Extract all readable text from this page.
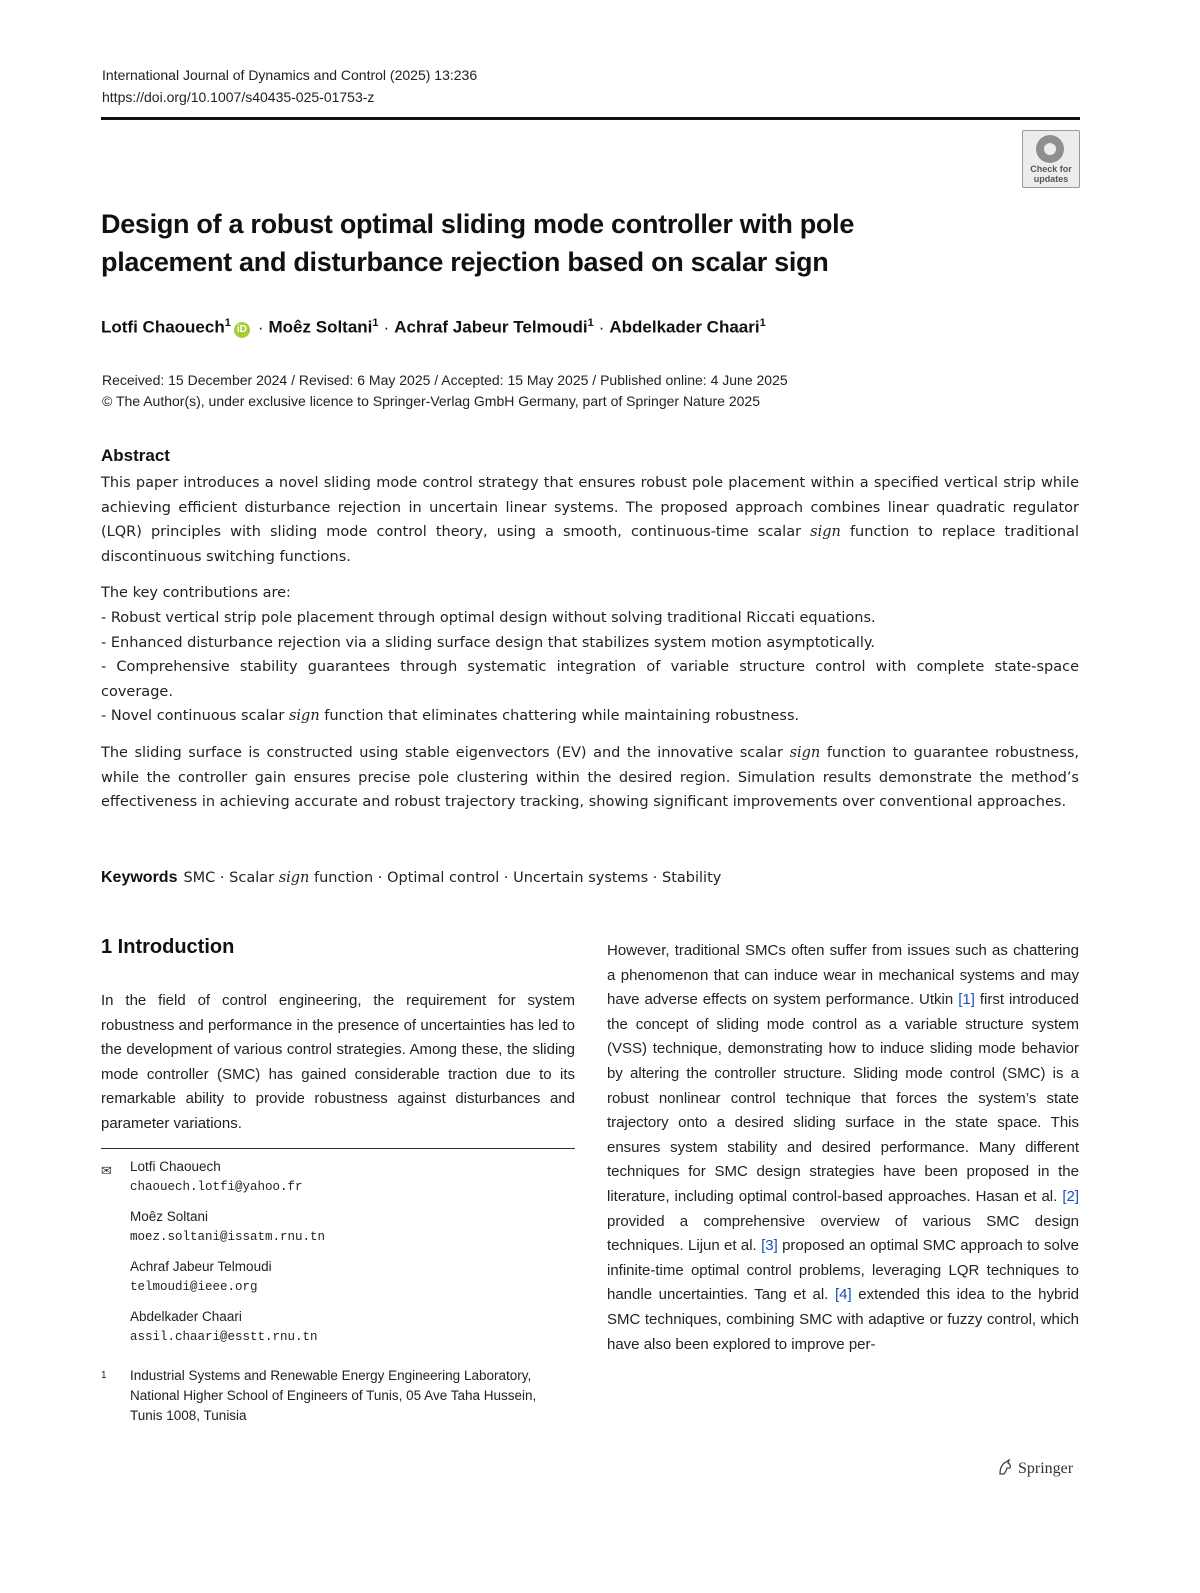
International Journal of Dynamics and Control (2025) 13:236
https://doi.org/10.1007/s40435-025-01753-z
Check for
updates
Design of a robust optimal sliding mode controller with pole placement and disturbance rejection based on scalar sign
Lotfi Chaouech$^1$iD · Moêz Soltani$^1$ · Achraf Jabeur Telmoudi$^1$ · Abdelkader Chaari$^1$
Received: 15 December 2024 / Revised: 6 May 2025 / Accepted: 15 May 2025 / Published online: 4 June 2025
© The Author(s), under exclusive licence to Springer-Verlag GmbH Germany, part of Springer Nature 2025
Abstract

This paper introduces a novel sliding mode control strategy that ensures robust pole placement within a specified vertical strip while achieving efficient disturbance rejection in uncertain linear systems. The proposed approach combines linear quadratic regulator (LQR) principles with sliding mode control theory, using a smooth, continuous-time scalar sign function to replace traditional discontinuous switching functions.

The key contributions are:

- Robust vertical strip pole placement through optimal design without solving traditional Riccati equations.

- Enhanced disturbance rejection via a sliding surface design that stabilizes system motion asymptotically.

- Comprehensive stability guarantees through systematic integration of variable structure control with complete state-space coverage.

- Novel continuous scalar sign function that eliminates chattering while maintaining robustness.

The sliding surface is constructed using stable eigenvectors (EV) and the innovative scalar sign function to guarantee robustness, while the controller gain ensures precise pole clustering within the desired region. Simulation results demonstrate the method’s effectiveness in achieving accurate and robust trajectory tracking, showing significant improvements over conventional approaches.

Keywords SMC · Scalar sign function · Optimal control · Uncertain systems · Stability
1 Introduction

In the field of control engineering, the requirement for system robustness and performance in the presence of uncertainties has led to the development of various control strategies. Among these, the sliding mode controller (SMC) has gained considerable traction due to its remarkable ability to provide robustness against disturbances and parameter variations.

✉ Lotfi Chaouech
chaouech.lotfi@yahoo.fr
Moêz Soltani
moez.soltani@issatm.rnu.tn
Achraf Jabeur Telmoudi
telmoudi@ieee.org
Abdelkader Chaari
assil.chaari@esstt.rnu.tn
1 Industrial Systems and Renewable Energy Engineering Laboratory, National Higher School of Engineers of Tunis, 05 Ave Taha Hussein, Tunis 1008, Tunisia

However, traditional SMCs often suffer from issues such as chattering a phenomenon that can induce wear in mechanical systems and may have adverse effects on system performance. Utkin [1] first introduced the concept of sliding mode control as a variable structure system (VSS) technique, demonstrating how to induce sliding mode behavior by altering the controller structure. Sliding mode control (SMC) is a robust nonlinear control technique that forces the system’s state trajectory onto a desired sliding surface in the state space. This ensures system stability and desired performance. Many different techniques for SMC design strategies have been proposed in the literature, including optimal control-based approaches. Hasan et al. [2] provided a comprehensive overview of various SMC design techniques. Lijun et al. [3] proposed an optimal SMC approach to solve infinite-time optimal control problems, leveraging LQR techniques to handle uncertainties. Tang et al. [4] extended this idea to the hybrid SMC techniques, combining SMC with adaptive or fuzzy control, which have also been explored to improve per-

Springer
